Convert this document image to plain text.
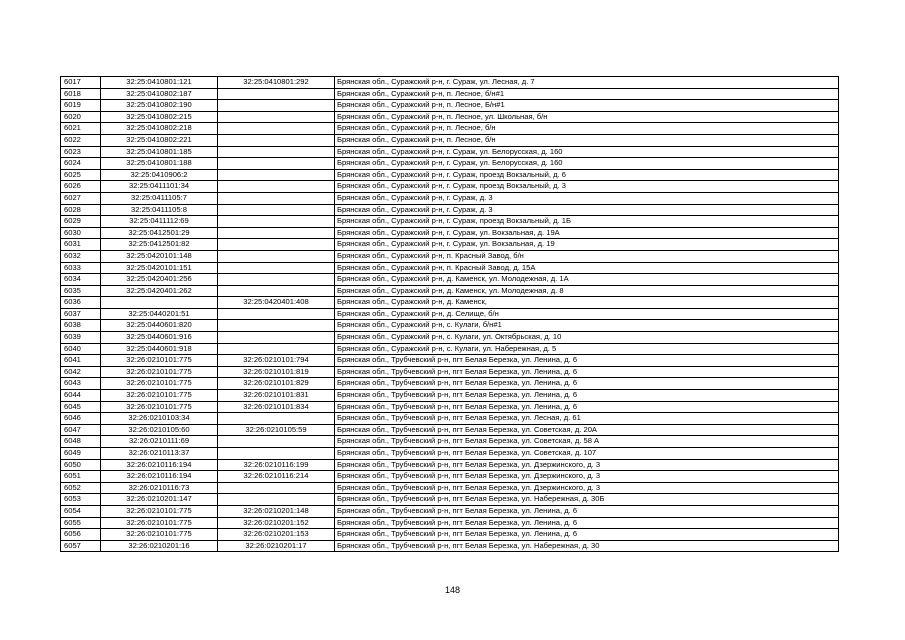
6017	32:25:0410801:121	32:25:0410801:292	Брянская обл., Суражский р-н, г. Сураж, ул. Лесная, д. 7
6018	32:25:0410802:187		Брянская обл., Суражский р-н, п. Лесное, б/н#1
6019	32:25:0410802:190		Брянская обл., Суражский р-н, п. Лесное, Б/н#1
6020	32:25:0410802:215		Брянская обл., Суражский р-н, п. Лесное, ул. Школьная, б/н
6021	32:25:0410802:218		Брянская обл., Суражский р-н, п. Лесное, б/н
6022	32:25:0410802:221		Брянская обл., Суражский р-н, п. Лесное, б/н
6023	32:25:0410801:185		Брянская обл., Суражский р-н, г. Сураж, ул. Белорусская, д. 160
6024	32:25:0410801:188		Брянская обл., Суражский р-н, г. Сураж, ул. Белорусская, д. 160
6025	32:25:0410906:2		Брянская обл., Суражский р-н, г. Сураж, проезд Вокзальный, д. 6
6026	32:25:0411101:34		Брянская обл., Суражский р-н, г. Сураж, проезд Вокзальный, д. 3
6027	32:25:0411105:7		Брянская обл., Суражский р-н, г. Сураж, д. 3
6028	32:25:0411105:8		Брянская обл., Суражский р-н, г. Сураж, д. 3
6029	32:25:0411112:69		Брянская обл., Суражский р-н, г. Сураж, проезд Вокзальный, д. 1Б
6030	32:25:0412501:29		Брянская обл., Суражский р-н, г. Сураж, ул. Вокзальная, д. 19А
6031	32:25:0412501:82		Брянская обл., Суражский р-н, г. Сураж, ул. Вокзальная, д. 19
6032	32:25:0420101:148		Брянская обл., Суражский р-н, п. Красный Завод, б/н
6033	32:25:0420101:151		Брянская обл., Суражский р-н, п. Красный Завод, д. 15А
6034	32:25:0420401:256		Брянская обл., Суражский р-н, д. Каменск, ул. Молодежная, д. 1А
6035	32:25:0420401:262		Брянская обл., Суражский р-н, д. Каменск, ул. Молодежная, д. 8
6036		32:25:0420401:408	Брянская обл., Суражский р-н, д. Каменск,
6037	32:25:0440201:51		Брянская обл., Суражский р-н, д. Селище, б/н
6038	32:25:0440601:820		Брянская обл., Суражский р-н, с. Кулаги, б/н#1
6039	32:25:0440601:916		Брянская обл., Суражский р-н, с. Кулаги, ул. Октябрьская, д. 10
6040	32:25:0440601:918		Брянская обл., Суражский р-н, с. Кулаги, ул. Набережная, д. 5
6041	32:26:0210101:775	32:26:0210101:794	Брянская обл., Трубчевский р-н, пгт Белая Березка, ул. Ленина, д. 6
6042	32:26:0210101:775	32:26:0210101:819	Брянская обл., Трубчевский р-н, пгт Белая Березка, ул. Ленина, д. 6
6043	32:26:0210101:775	32:26:0210101:829	Брянская обл., Трубчевский р-н, пгт Белая Березка, ул. Ленина, д. 6
6044	32:26:0210101:775	32:26:0210101:831	Брянская обл., Трубчевский р-н, пгт Белая Березка, ул. Ленина, д. 6
6045	32:26:0210101:775	32:26:0210101:834	Брянская обл., Трубчевский р-н, пгт Белая Березка, ул. Ленина, д. 6
6046	32:26:0210103:34		Брянская обл., Трубчевский р-н, пгт Белая Березка, ул. Лесная, д. 61
6047	32:26:0210105:60	32:26:0210105:59	Брянская обл., Трубчевский р-н, пгт Белая Березка, ул. Советская, д. 20А
6048	32:26:0210111:69		Брянская обл., Трубчевский р-н, пгт Белая Березка, ул. Советская, д. 58 А
6049	32:26:0210113:37		Брянская обл., Трубчевский р-н, пгт Белая Березка, ул. Советская, д. 107
6050	32:26:0210116:194	32:26:0210116:199	Брянская обл., Трубчевский р-н, пгт Белая Березка, ул. Дзержинского, д. 3
6051	32:26:0210116:194	32:26:0210116:214	Брянская обл., Трубчевский р-н, пгт Белая Березка, ул. Дзержинского, д. 3
6052	32:26:0210116:73		Брянская обл., Трубчевский р-н, пгт Белая Березка, ул. Дзержинского, д. 3
6053	32:26:0210201:147		Брянская обл., Трубчевский р-н, пгт Белая Березка, ул. Набережная, д. 30Б
6054	32:26:0210101:775	32:26:0210201:148	Брянская обл., Трубчевский р-н, пгт Белая Березка, ул. Ленина, д. 6
6055	32:26:0210101:775	32:26:0210201:152	Брянская обл., Трубчевский р-н, пгт Белая Березка, ул. Ленина, д. 6
6056	32:26:0210101:775	32:26:0210201:153	Брянская обл., Трубчевский р-н, пгт Белая Березка, ул. Ленина, д. 6
6057	32:26:0210201:16	32:26:0210201:17	Брянская обл., Трубчевский р-н, пгт Белая Березка, ул. Набережная, д. 30
148
